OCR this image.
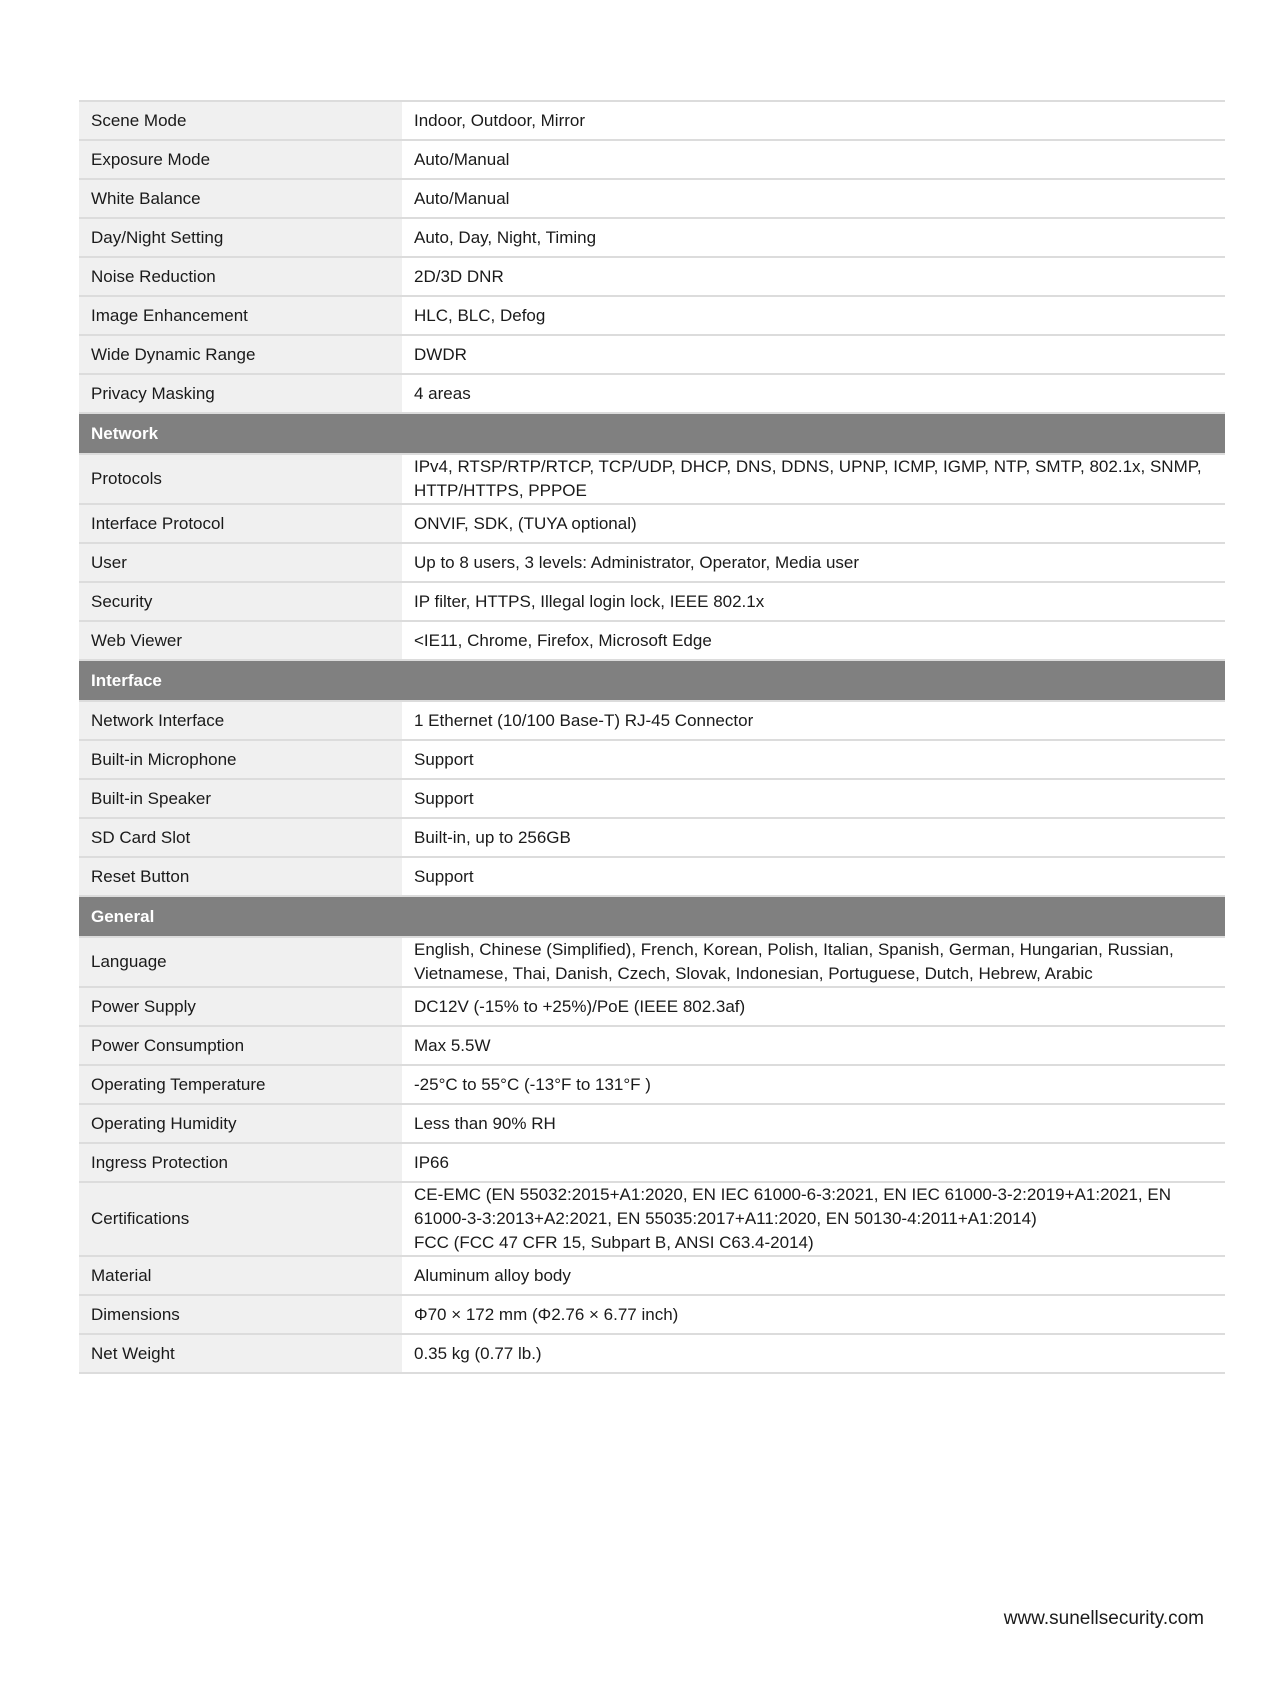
Scene Mode	Indoor, Outdoor, Mirror
Exposure Mode	Auto/Manual
White Balance	Auto/Manual
Day/Night Setting	Auto, Day, Night, Timing
Noise Reduction	2D/3D DNR
Image Enhancement	HLC, BLC, Defog
Wide Dynamic Range	DWDR
Privacy Masking	4 areas
Network	
Protocols	IPv4, RTSP/RTP/RTCP, TCP/UDP, DHCP, DNS, DDNS, UPNP, ICMP, IGMP, NTP, SMTP, 802.1x, SNMP, HTTP/HTTPS, PPPOE
Interface Protocol	ONVIF, SDK, (TUYA optional)
User	Up to 8 users, 3 levels: Administrator, Operator, Media user
Security	IP filter, HTTPS, Illegal login lock, IEEE 802.1x
Web Viewer	<IE11, Chrome, Firefox, Microsoft Edge
Interface	
Network Interface	1 Ethernet (10/100 Base-T) RJ-45 Connector
Built-in Microphone	Support
Built-in Speaker	Support
SD Card Slot	Built-in, up to 256GB
Reset Button	Support
General	
Language	English, Chinese (Simplified), French, Korean, Polish, Italian, Spanish, German, Hungarian, Russian, Vietnamese, Thai, Danish, Czech, Slovak, Indonesian, Portuguese, Dutch, Hebrew, Arabic
Power Supply	DC12V (-15% to +25%)/PoE (IEEE 802.3af)
Power Consumption	Max 5.5W
Operating Temperature	-25°C to 55°C (-13°F to 131°F )
Operating Humidity	Less than 90% RH
Ingress Protection	IP66
Certifications	CE-EMC (EN 55032:2015+A1:2020, EN IEC 61000-6-3:2021, EN IEC 61000-3-2:2019+A1:2021, EN 61000-3-3:2013+A2:2021, EN 55035:2017+A11:2020, EN 50130-4:2011+A1:2014)
FCC (FCC 47 CFR 15, Subpart B, ANSI C63.4-2014)

Material	Aluminum alloy body
Dimensions	Φ70 × 172 mm (Φ2.76 × 6.77 inch)
Net Weight	0.35 kg (0.77 lb.)
www.sunellsecurity.com
